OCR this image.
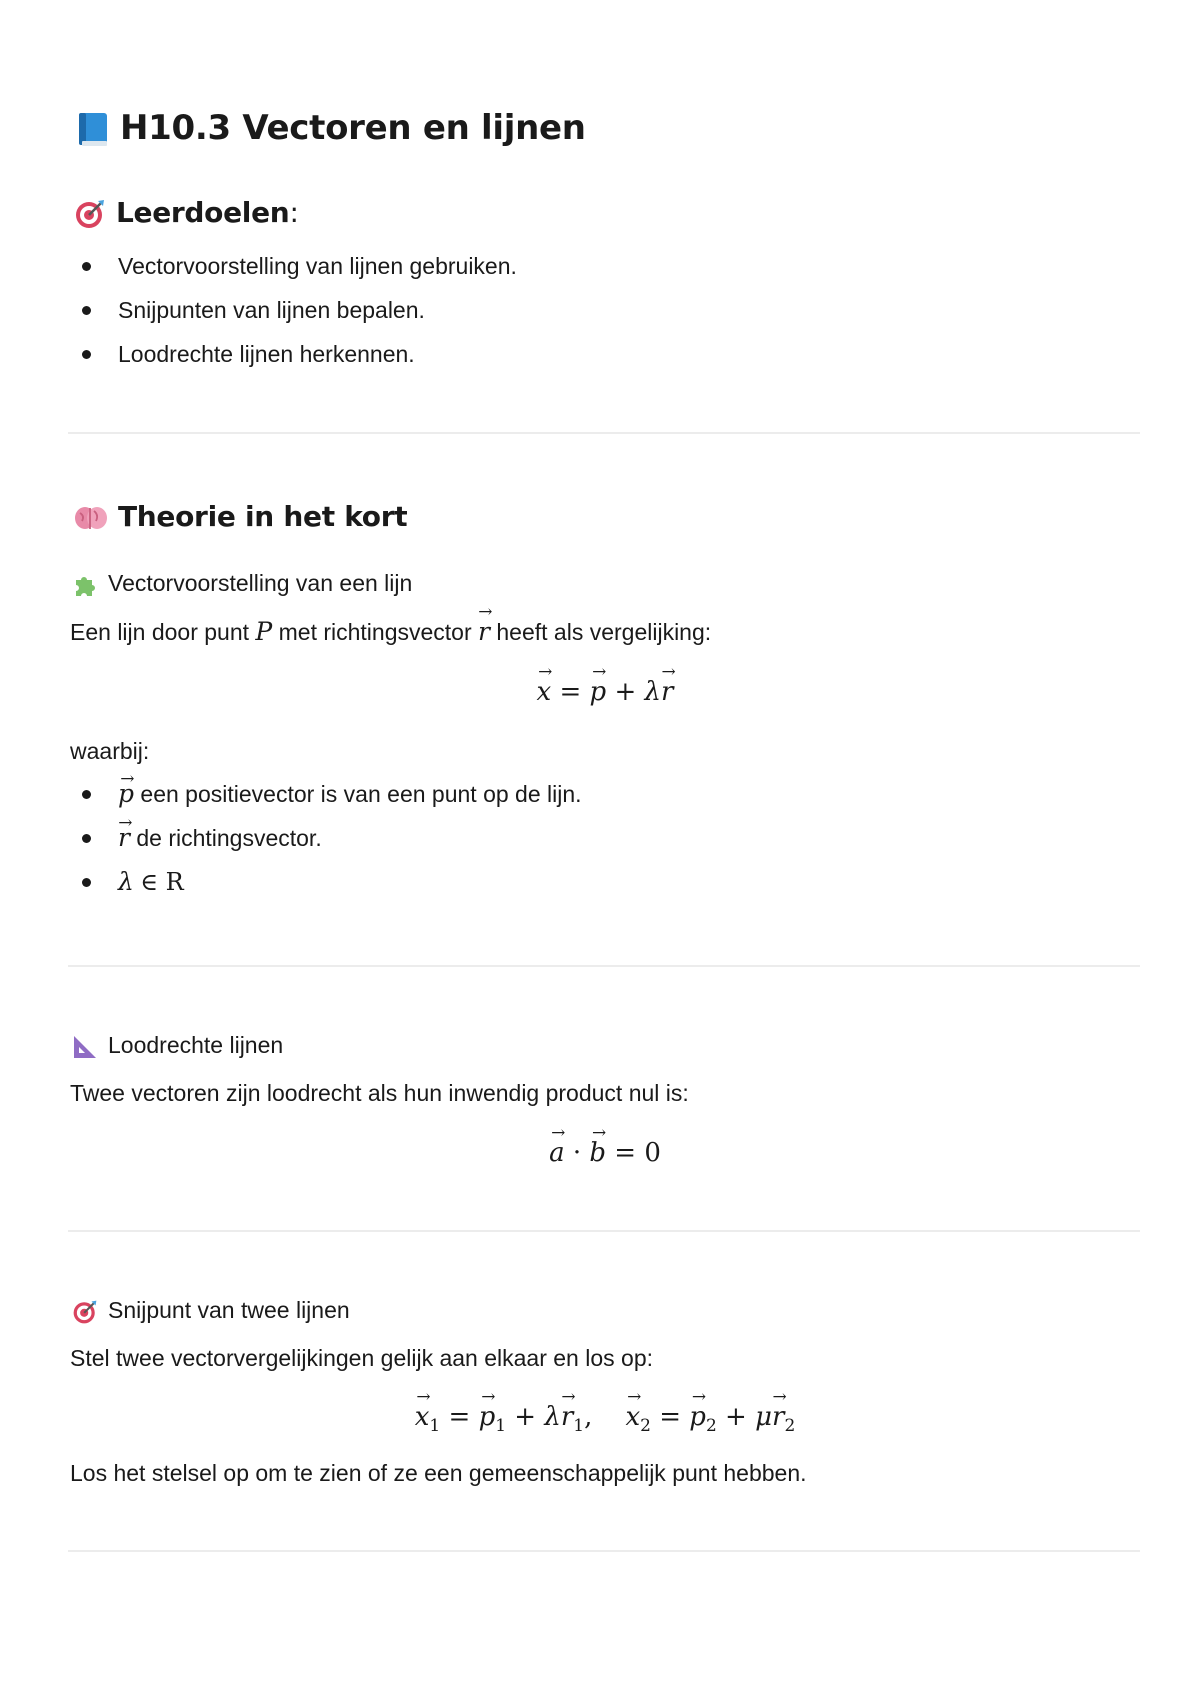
H10.3 Vectoren en lijnen
Leerdoelen:
Vectorvoorstelling van lijnen gebruiken.
Snijpunten van lijnen bepalen.
Loodrechte lijnen herkennen.
Theorie in het kort
Vectorvoorstelling van een lijn
Een lijn door punt P met richtingsvector r → heeft als vergelijking:
x → = p → + λr →
waarbij:
p → een positievector is van een punt op de lijn.
r → de richtingsvector.
λ ∈ R
Loodrechte lijnen
Twee vectoren zijn loodrecht als hun inwendig product nul is:
a → · b → = 0
Snijpunt van twee lijnen
Stel twee vectorvergelijkingen gelijk aan elkaar en los op:
$x \to_1 = p \to_1 + \lambda r \to_1$,    $x \to_2 = p \to_2 + \mu r \to_2$
Los het stelsel op om te zien of ze een gemeenschappelijk punt hebben.
